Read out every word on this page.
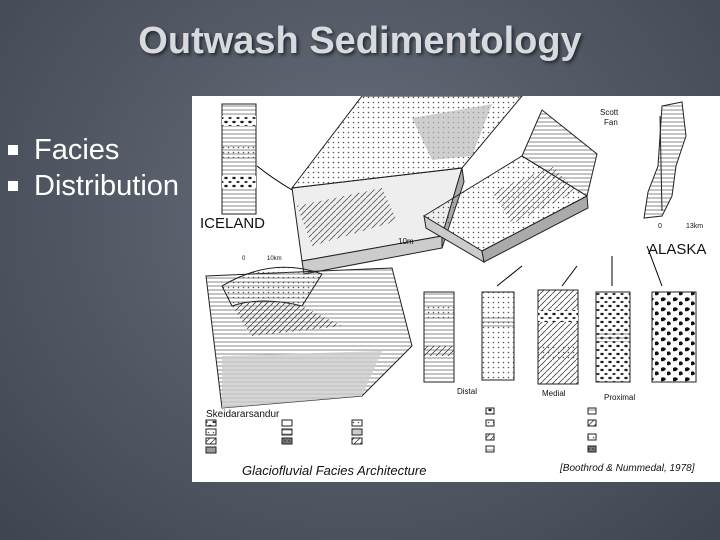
Outwash Sedimentology
Facies
Distribution
ICELAND
10m
Scott
Fan
0	13km
ALASKA
0	10km
Skeidararsandur
Distal	Medial	Proximal
Glaciofluvial Facies Architecture	[Boothrod & Nummedal, 1978]
